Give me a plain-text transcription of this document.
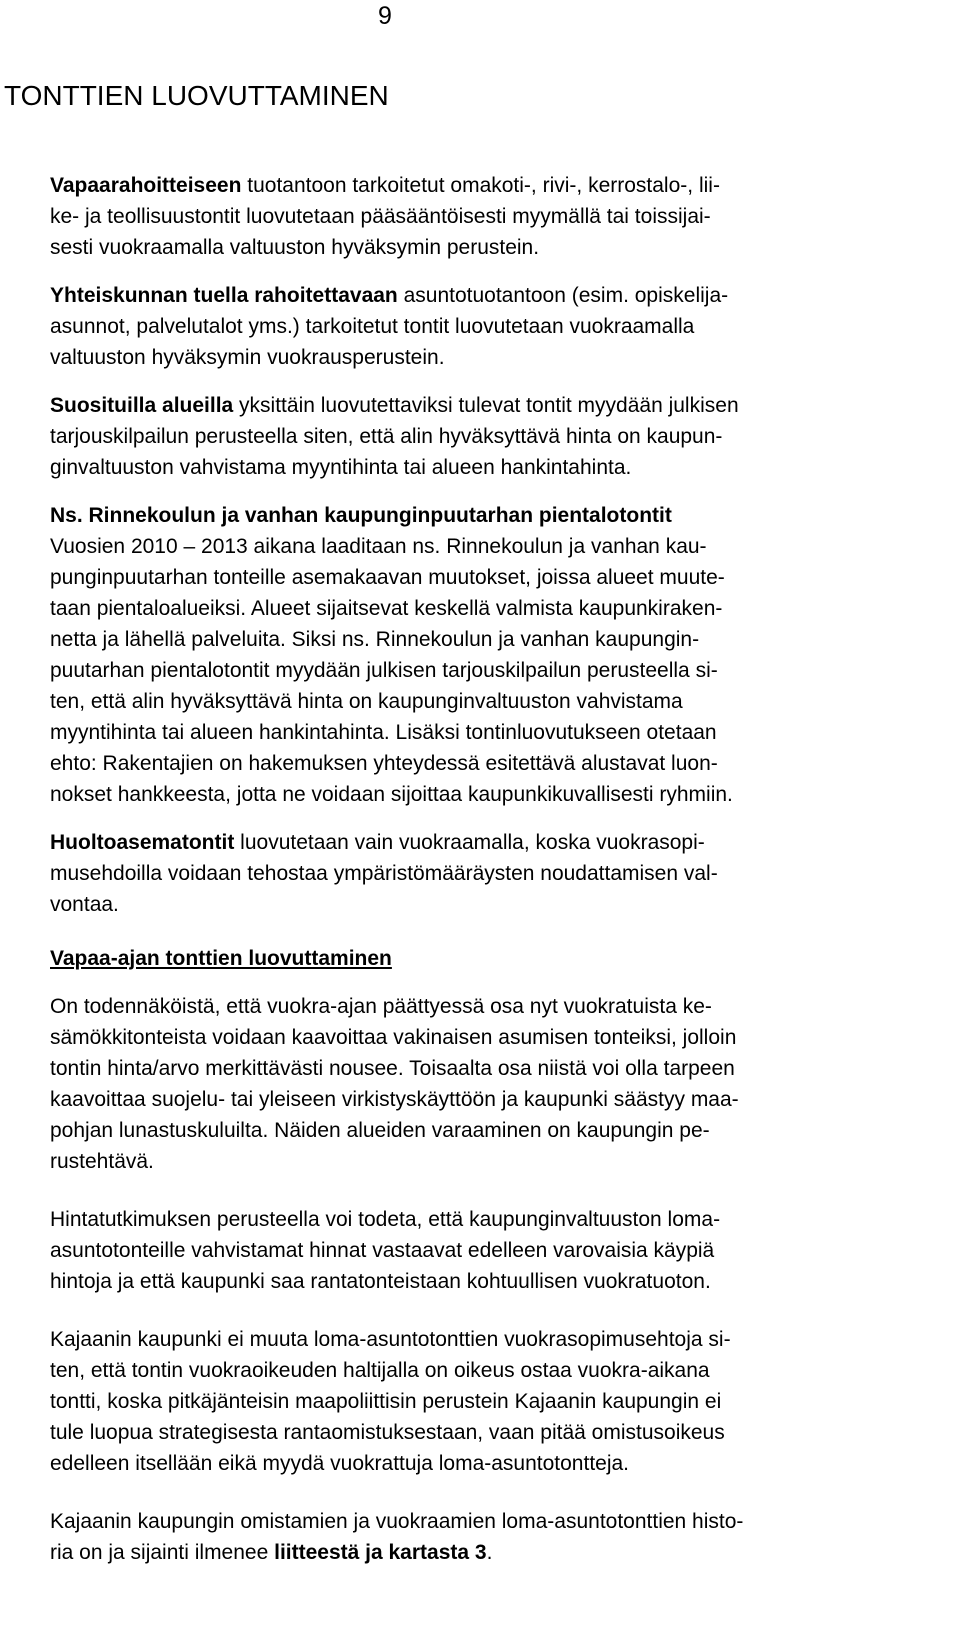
9
TONTTIEN LUOVUTTAMINEN
Vapaarahoitteiseen tuotantoon tarkoitetut omakoti-, rivi-, kerrostalo-, lii-
ke- ja teollisuustontit luovutetaan pääsääntöisesti myymällä tai toissijai-
sesti vuokraamalla valtuuston hyväksymin perustein.
Yhteiskunnan tuella rahoitettavaan asuntotuotantoon (esim. opiskelija-
asunnot, palvelutalot yms.) tarkoitetut tontit luovutetaan vuokraamalla
valtuuston hyväksymin vuokrausperustein.
Suosituilla alueilla yksittäin luovutettaviksi tulevat tontit myydään julkisen
tarjouskilpailun perusteella siten, että alin hyväksyttävä hinta on kaupun-
ginvaltuuston vahvistama myyntihinta tai alueen hankintahinta.
Ns. Rinnekoulun ja vanhan kaupunginpuutarhan pientalotontit
Vuosien 2010 – 2013 aikana laaditaan ns. Rinnekoulun ja vanhan kau-
punginpuutarhan tonteille asemakaavan muutokset, joissa alueet muute-
taan pientaloalueiksi. Alueet sijaitsevat keskellä valmista kaupunkiraken-
netta ja lähellä palveluita. Siksi ns. Rinnekoulun ja vanhan kaupungin-
puutarhan pientalotontit myydään julkisen tarjouskilpailun perusteella si-
ten, että alin hyväksyttävä hinta on kaupunginvaltuuston vahvistama
myyntihinta tai alueen hankintahinta. Lisäksi tontinluovutukseen otetaan
ehto: Rakentajien on hakemuksen yhteydessä esitettävä alustavat luon-
nokset hankkeesta, jotta ne voidaan sijoittaa kaupunkikuvallisesti ryhmiin.
Huoltoasematontit luovutetaan vain vuokraamalla, koska vuokrasopi-
musehdoilla voidaan tehostaa ympäristömääräysten noudattamisen val-
vontaa.
Vapaa-ajan tonttien luovuttaminen
On todennäköistä, että vuokra-ajan päättyessä osa nyt vuokratuista ke-
sämökkitonteista voidaan kaavoittaa vakinaisen asumisen tonteiksi, jolloin
tontin hinta/arvo merkittävästi nousee. Toisaalta osa niistä voi olla tarpeen
kaavoittaa suojelu- tai yleiseen virkistyskäyttöön ja kaupunki säästyy maa-
pohjan lunastuskuluilta. Näiden alueiden varaaminen on kaupungin pe-
rustehtävä.
Hintatutkimuksen perusteella voi todeta, että kaupunginvaltuuston loma-
asuntotonteille vahvistamat hinnat vastaavat edelleen varovaisia käypiä
hintoja ja että kaupunki saa rantatonteistaan kohtuullisen vuokratuoton.
Kajaanin kaupunki ei muuta loma-asuntotonttien vuokrasopimusehtoja si-
ten, että tontin vuokraoikeuden haltijalla on oikeus ostaa vuokra-aikana
tontti, koska pitkäjänteisin maapoliittisin perustein Kajaanin kaupungin ei
tule luopua strategisesta rantaomistuksestaan, vaan pitää omistusoikeus
edelleen itsellään eikä myydä vuokrattuja loma-asuntotontteja.
Kajaanin kaupungin omistamien ja vuokraamien loma-asuntotonttien histo-
ria on ja sijainti ilmenee liitteestä ja kartasta 3.
